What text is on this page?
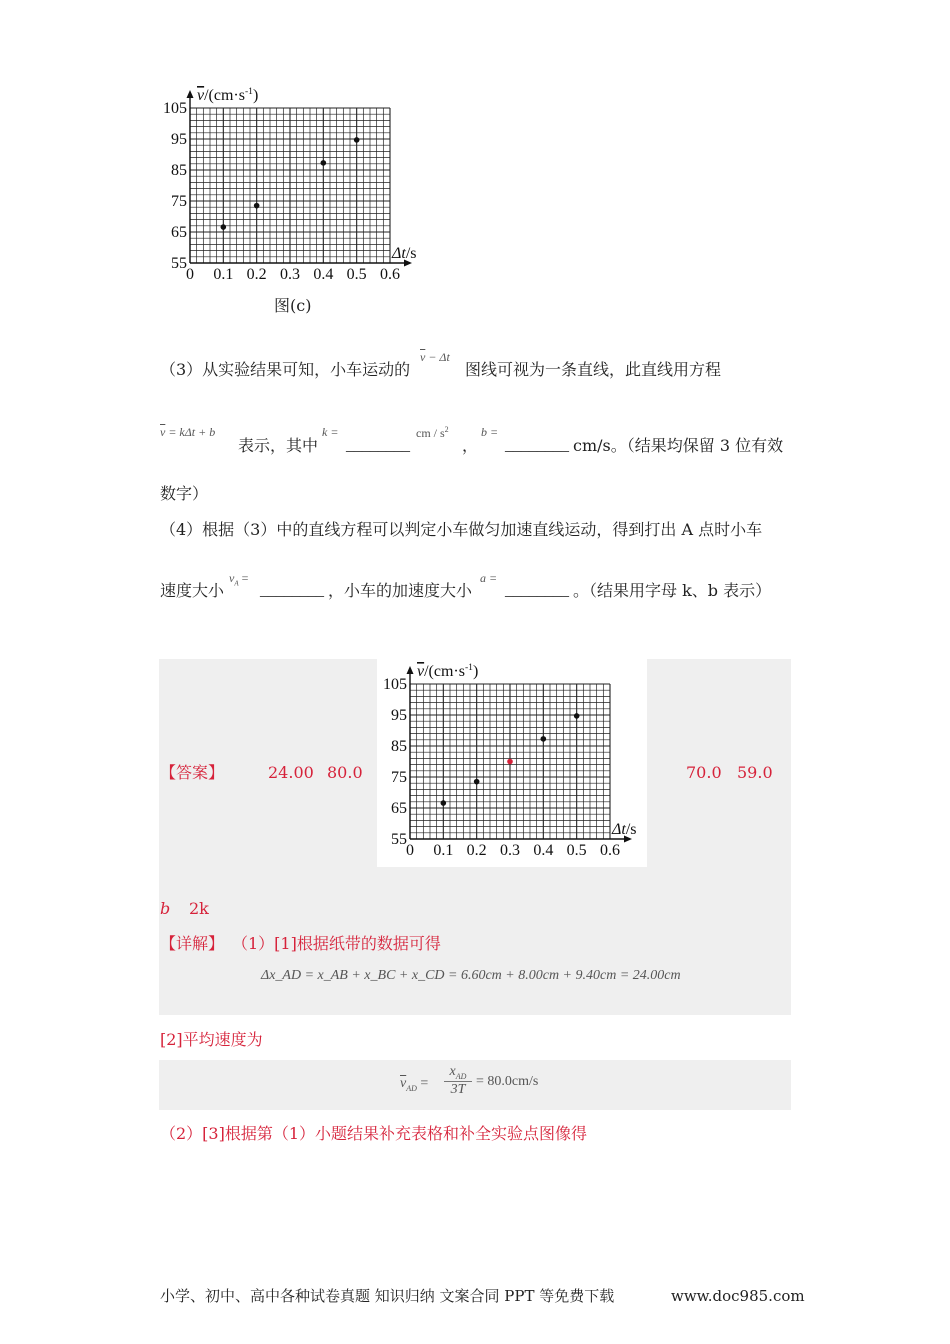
0 0.1 0.2 0.3 0.4 0.5 0.6
55
65
75
85
95
105
$v/(cm\cdot s^{-1})$
Δt/s
图(c)
（3）从实验结果可知，小车运动的
$\overline{v} - \Delta t$
图线可视为一条直线，此直线用方程
$\overline{v} = k\Delta t + b$
表示，其中
k =
________
cm / $s^2$
，
b =
________ cm/s。（结果均保留 3 位有效
数字）
（4）根据（3）中的直线方程可以判定小车做匀加速直线运动，得到打出 A 点时小车
速度大小
$v_A$ =
________ ，小车的加速度大小
a =
________ 。（结果用字母 k、b 表示）
【答案】	24.00 80.0	70.0 59.0
b 2k
0 0.1 0.2 0.3 0.4 0.5 0.6
55
65
75
85
95
105
$v/(cm\cdot s^{-1})$
Δt/s
【详解】 （1）[1]根据纸带的数据可得
Δx_AD = x_AB + x_BC + x_CD = 6.60cm + 8.00cm + 9.40cm = 24.00cm
[2]平均速度为
$\overline{v}_{AD}$ =
$x_{AD}$
3T
= 80.0cm/s
（2）[3]根据第（1）小题结果补充表格和补全实验点图像得
小学、初中、高中各种试卷真题 知识归纳 文案合同 PPT 等免费下载	www.doc985.com
